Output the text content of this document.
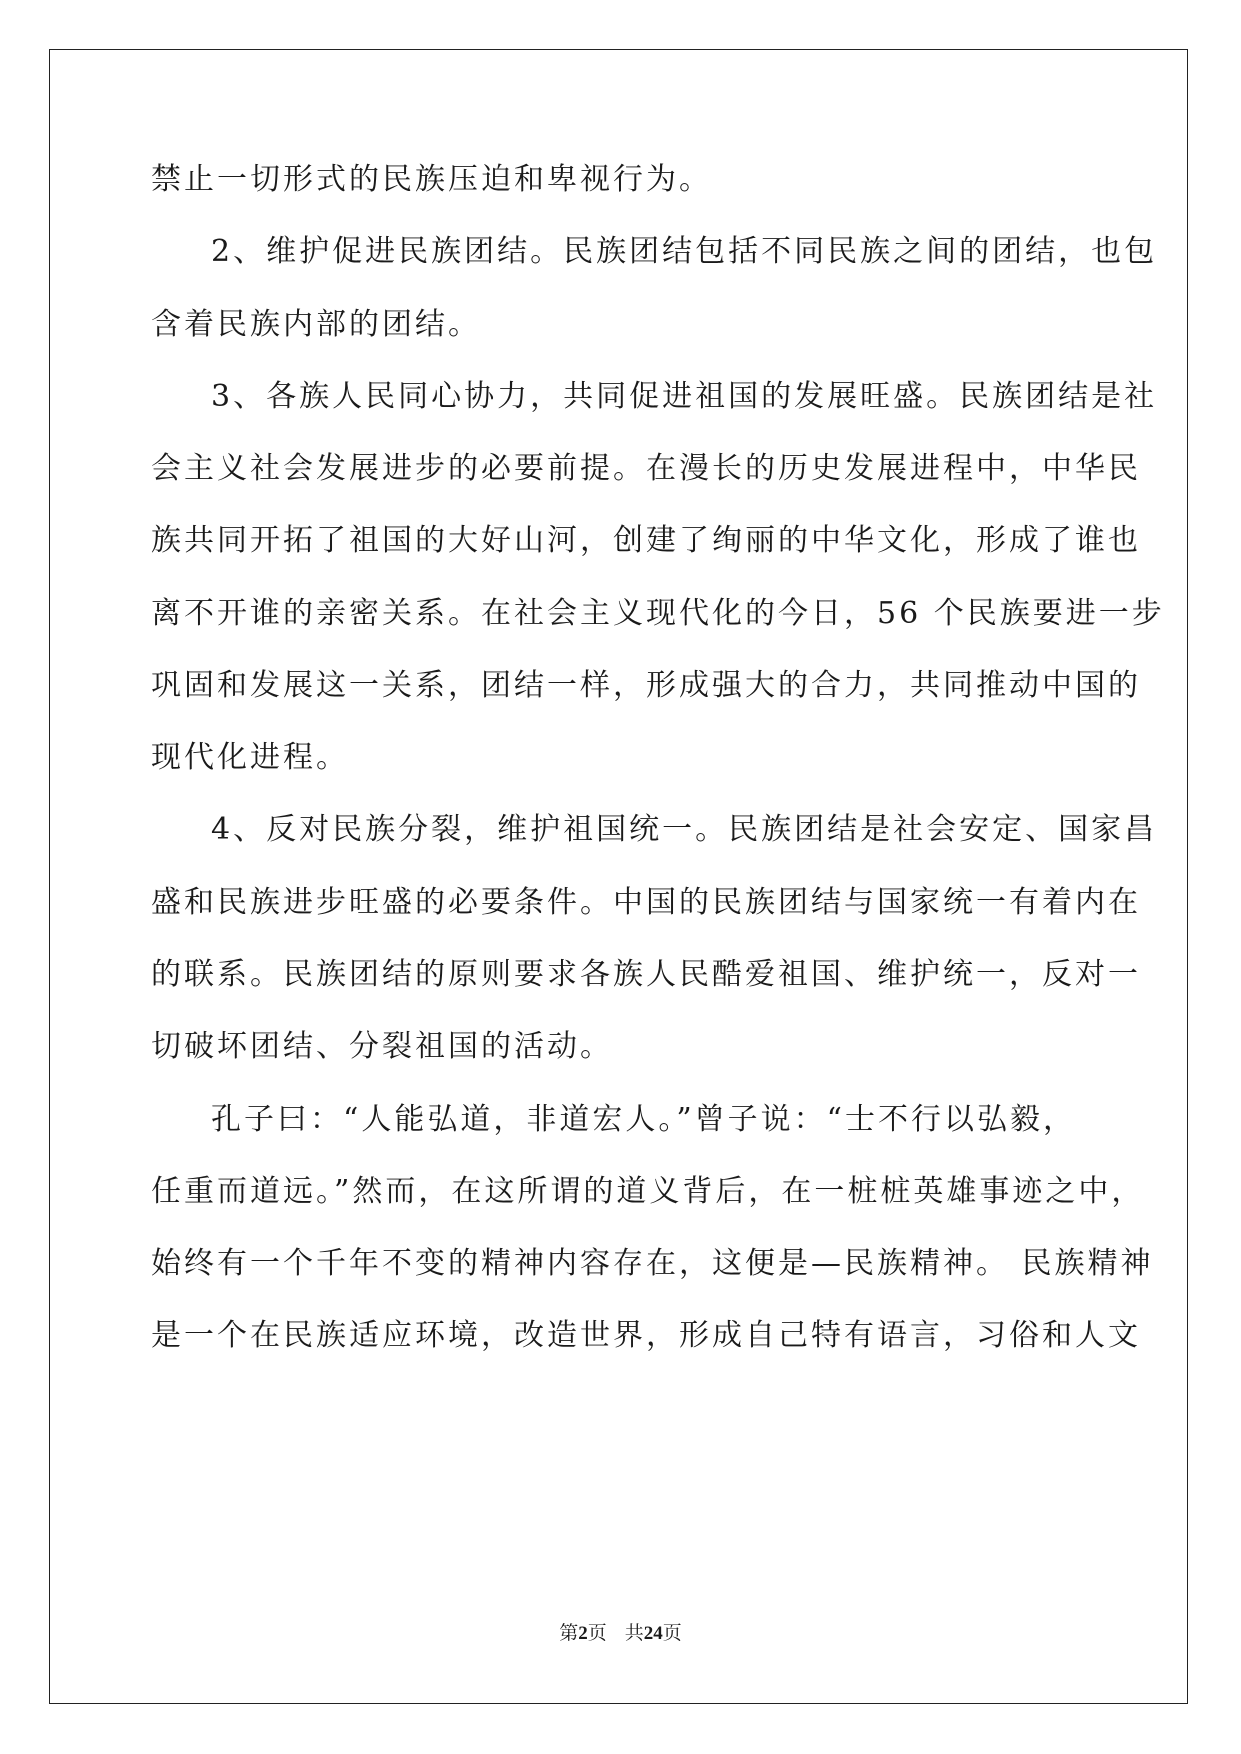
禁止一切形式的民族压迫和卑视行为。
2、维护促进民族团结。民族团结包括不同民族之间的团结，也包
含着民族内部的团结。
3、各族人民同心协力，共同促进祖国的发展旺盛。民族团结是社
会主义社会发展进步的必要前提。在漫长的历史发展进程中，中华民
族共同开拓了祖国的大好山河，创建了绚丽的中华文化，形成了谁也
离不开谁的亲密关系。在社会主义现代化的今日，56 个民族要进一步
巩固和发展这一关系，团结一样，形成强大的合力，共同推动中国的
现代化进程。
4、反对民族分裂，维护祖国统一。民族团结是社会安定、国家昌
盛和民族进步旺盛的必要条件。中国的民族团结与国家统一有着内在
的联系。民族团结的原则要求各族人民酷爱祖国、维护统一，反对一
切破坏团结、分裂祖国的活动。
孔子曰：“人能弘道，非道宏人。”曾子说：“士不行以弘毅，
任重而道远。”然而，在这所谓的道义背后，在一桩桩英雄事迹之中，
始终有一个千年不变的精神内容存在，这便是—民族精神。 民族精神
是一个在民族适应环境，改造世界，形成自己特有语言，习俗和人文
第2页 共24页
